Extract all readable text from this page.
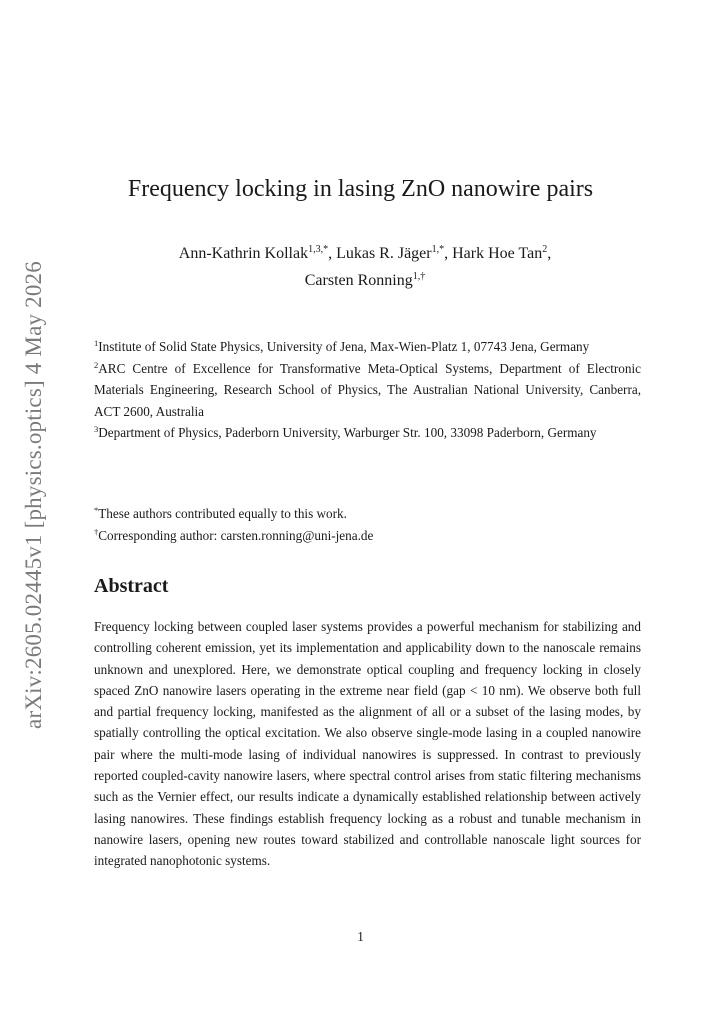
arXiv:2605.02445v1 [physics.optics] 4 May 2026
Frequency locking in lasing ZnO nanowire pairs
Ann-Kathrin Kollak$^{1,3,*}$, Lukas R. Jäger$^{1,*}$, Hark Hoe Tan$^2$,
Carsten Ronning$^{1,\dagger}$

$^1$Institute of Solid State Physics, University of Jena, Max-Wien-Platz 1, 07743 Jena, Germany

$^2$ARC Centre of Excellence for Transformative Meta-Optical Systems, Department of Electronic Materials Engineering, Research School of Physics, The Australian National University, Canberra, ACT 2600, Australia

$^3$Department of Physics, Paderborn University, Warburger Str. 100, 33098 Paderborn, Germany

*These authors contributed equally to this work.

†Corresponding author: carsten.ronning@uni-jena.de

Abstract

Frequency locking between coupled laser systems provides a powerful mechanism for stabilizing and controlling coherent emission, yet its implementation and applicability down to the nanoscale remains unknown and unexplored. Here, we demonstrate optical coupling and frequency locking in closely spaced ZnO nanowire lasers operating in the extreme near field (gap < 10 nm). We observe both full and partial frequency locking, manifested as the alignment of all or a subset of the lasing modes, by spatially controlling the optical excitation. We also observe single-mode lasing in a coupled nanowire pair where the multi-mode lasing of individual nanowires is suppressed. In contrast to previously reported coupled-cavity nanowire lasers, where spectral control arises from static filtering mechanisms such as the Vernier effect, our results indicate a dynamically established relationship between actively lasing nanowires. These findings establish frequency locking as a robust and tunable mechanism in nanowire lasers, opening new routes toward stabilized and controllable nanoscale light sources for integrated nanophotonic systems.

1
